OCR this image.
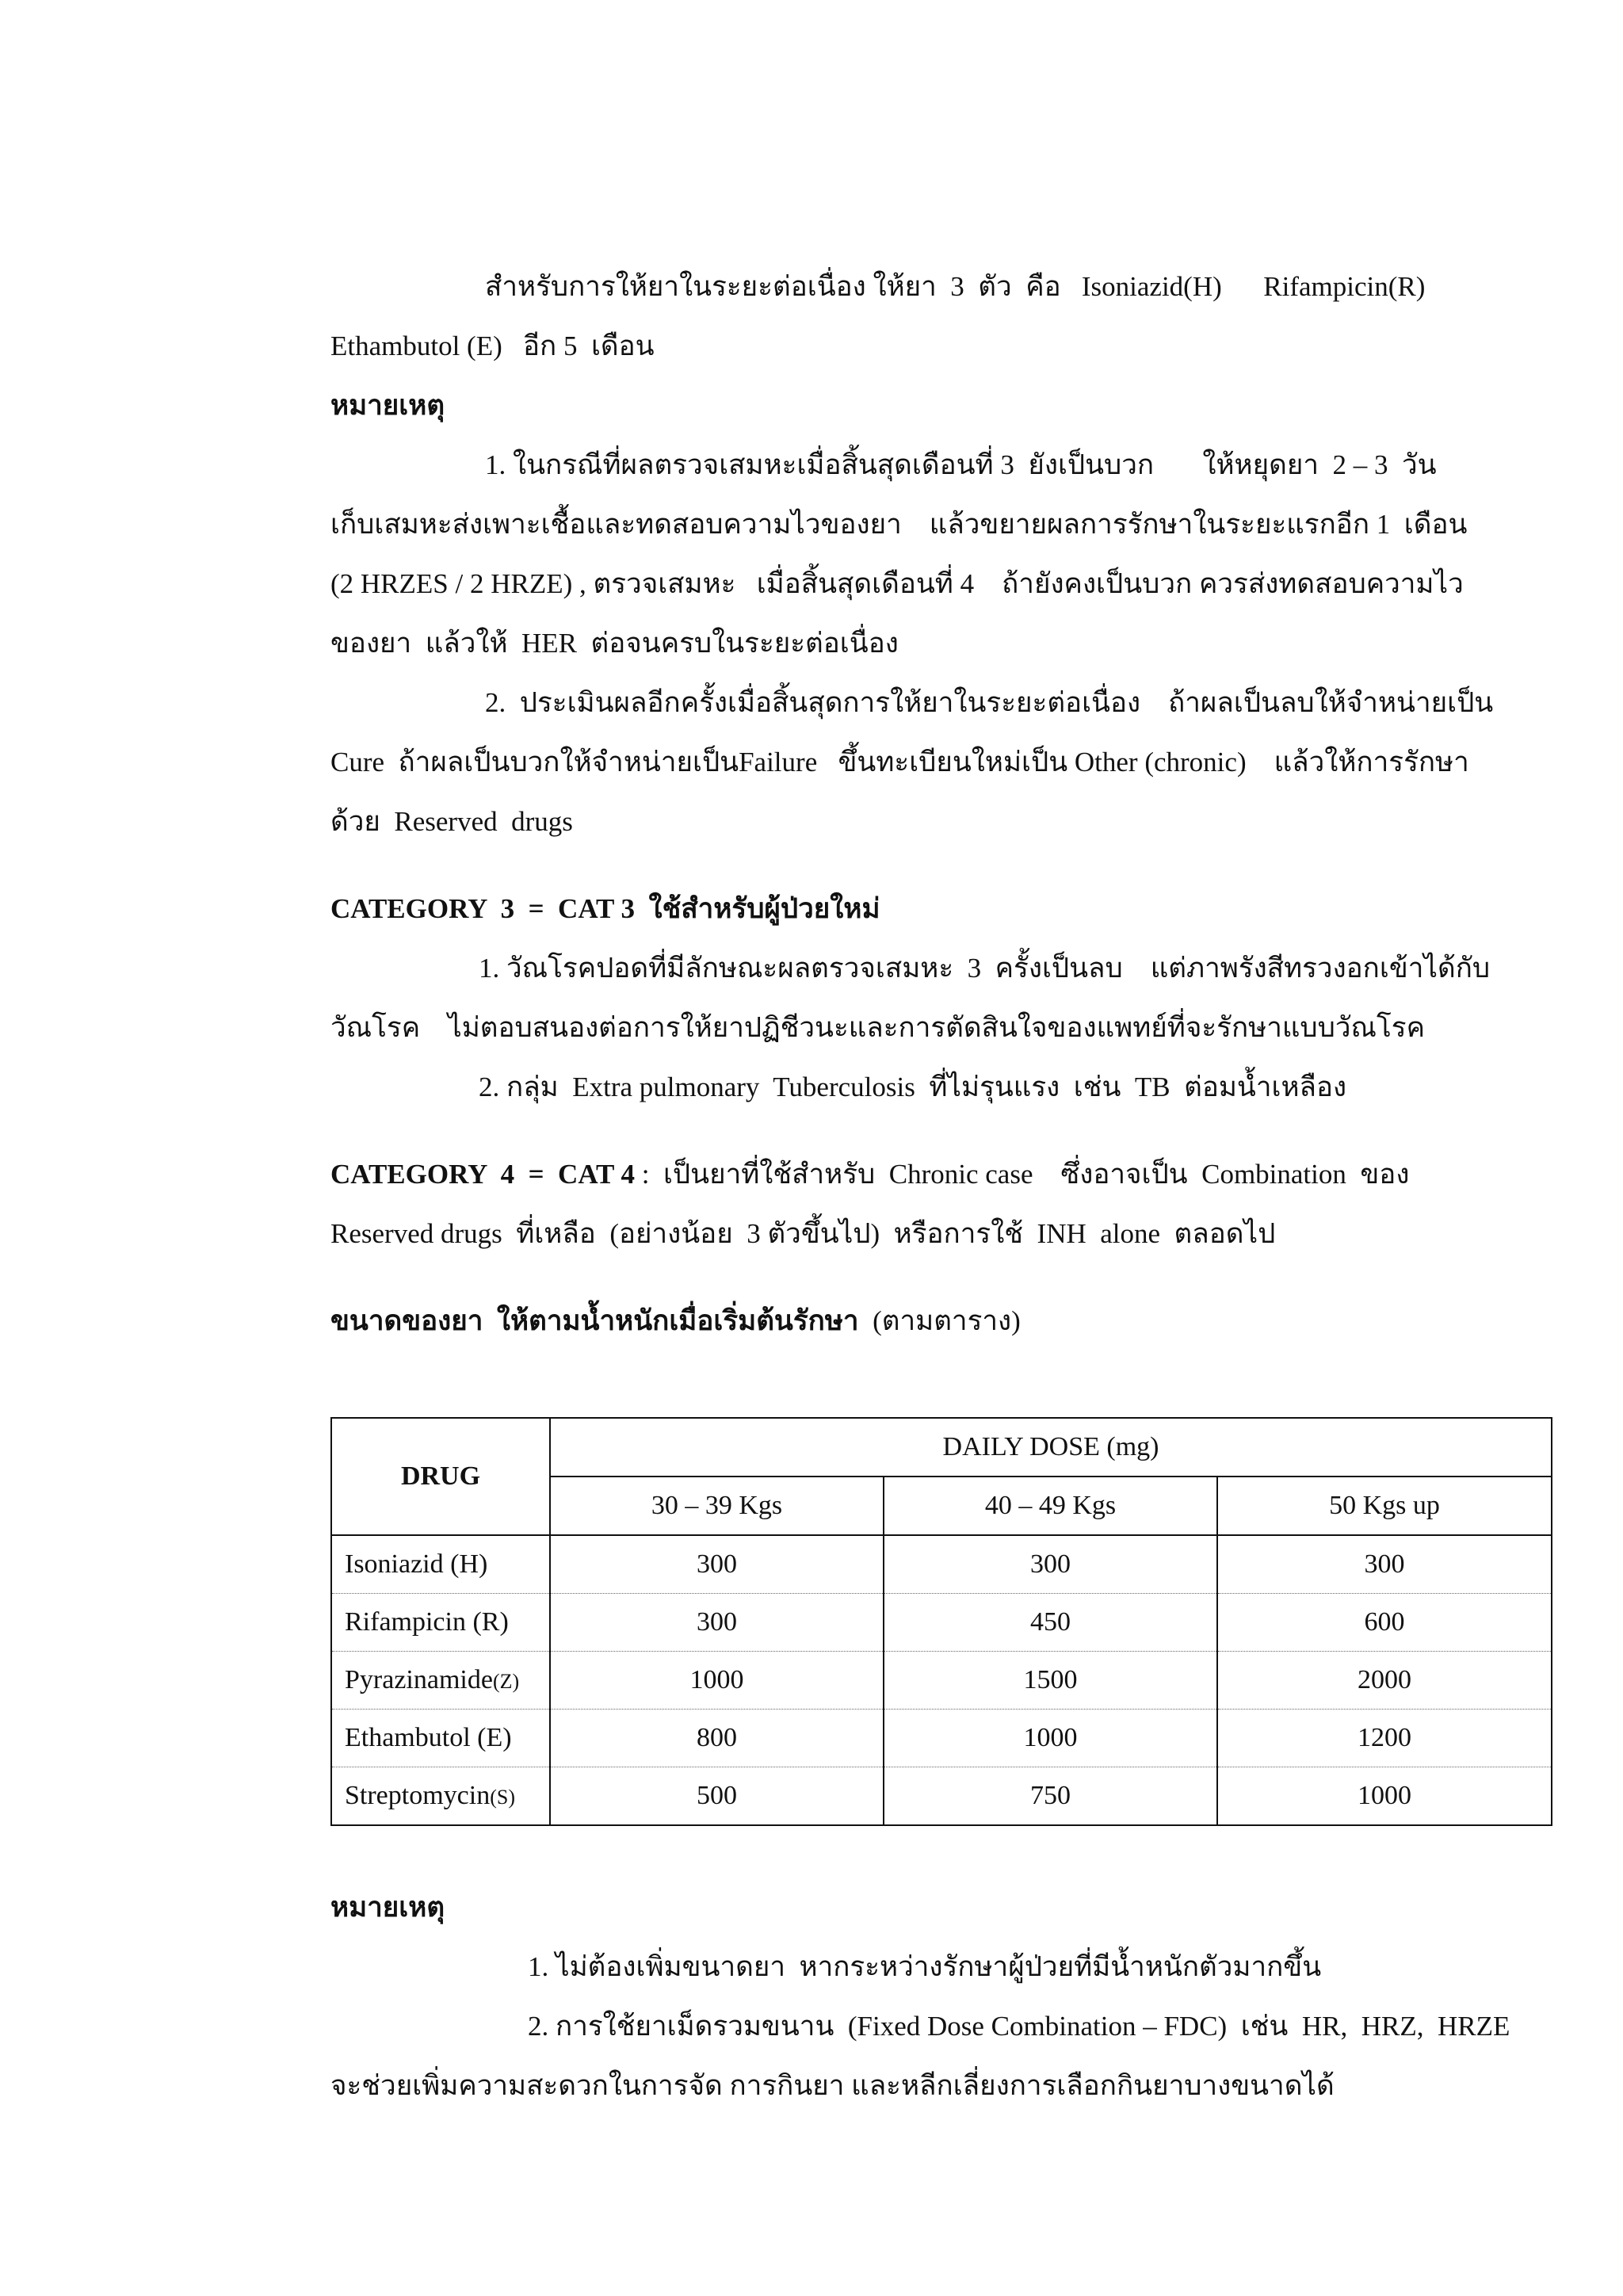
สำหรับการให้ยาในระยะต่อเนื่อง ให้ยา  3  ตัว  คือ   Isoniazid(H)      Rifampicin(R)
Ethambutol (E)   อีก 5  เดือน
หมายเหตุ
1. ในกรณีที่ผลตรวจเสมหะเมื่อสิ้นสุดเดือนที่ 3  ยังเป็นบวก       ให้หยุดยา  2 – 3  วัน
เก็บเสมหะส่งเพาะเชื้อและทดสอบความไวของยา    แล้วขยายผลการรักษาในระยะแรกอีก 1  เดือน
(2 HRZES / 2 HRZE) , ตรวจเสมหะ   เมื่อสิ้นสุดเดือนที่ 4    ถ้ายังคงเป็นบวก ควรส่งทดสอบความไว
ของยา  แล้วให้  HER  ต่อจนครบในระยะต่อเนื่อง
2.  ประเมินผลอีกครั้งเมื่อสิ้นสุดการให้ยาในระยะต่อเนื่อง    ถ้าผลเป็นลบให้จำหน่ายเป็น
Cure  ถ้าผลเป็นบวกให้จำหน่ายเป็นFailure   ขึ้นทะเบียนใหม่เป็น Other (chronic)    แล้วให้การรักษา
ด้วย  Reserved  drugs
CATEGORY  3  =  CAT 3  ใช้สำหรับผู้ป่วยใหม่
1. วัณโรคปอดที่มีลักษณะผลตรวจเสมหะ  3  ครั้งเป็นลบ    แต่ภาพรังสีทรวงอกเข้าได้กับ
วัณโรค    ไม่ตอบสนองต่อการให้ยาปฏิชีวนะและการตัดสินใจของแพทย์ที่จะรักษาแบบวัณโรค
2. กลุ่ม  Extra pulmonary  Tuberculosis  ที่ไม่รุนแรง  เช่น  TB  ต่อมน้ำเหลือง
CATEGORY  4  =  CAT 4 :  เป็นยาที่ใช้สำหรับ  Chronic case    ซึ่งอาจเป็น  Combination  ของ
Reserved drugs  ที่เหลือ  (อย่างน้อย  3 ตัวขึ้นไป)  หรือการใช้  INH  alone  ตลอดไป
ขนาดของยา  ให้ตามน้ำหนักเมื่อเริ่มต้นรักษา  (ตามตาราง)
DRUG	DAILY DOSE (mg)		
	30 – 39 Kgs	40 – 49 Kgs	50 Kgs up
Isoniazid (H)	300	300	300
Rifampicin (R)	300	450	600
Pyrazinamide(Z)	1000	1500	2000
Ethambutol (E)	800	1000	1200
Streptomycin(S)	500	750	1000
หมายเหตุ
1. ไม่ต้องเพิ่มขนาดยา  หากระหว่างรักษาผู้ป่วยที่มีน้ำหนักตัวมากขึ้น
2. การใช้ยาเม็ดรวมขนาน  (Fixed Dose Combination – FDC)  เช่น  HR,  HRZ,  HRZE
จะช่วยเพิ่มความสะดวกในการจัด การกินยา และหลีกเลี่ยงการเลือกกินยาบางขนาดได้
